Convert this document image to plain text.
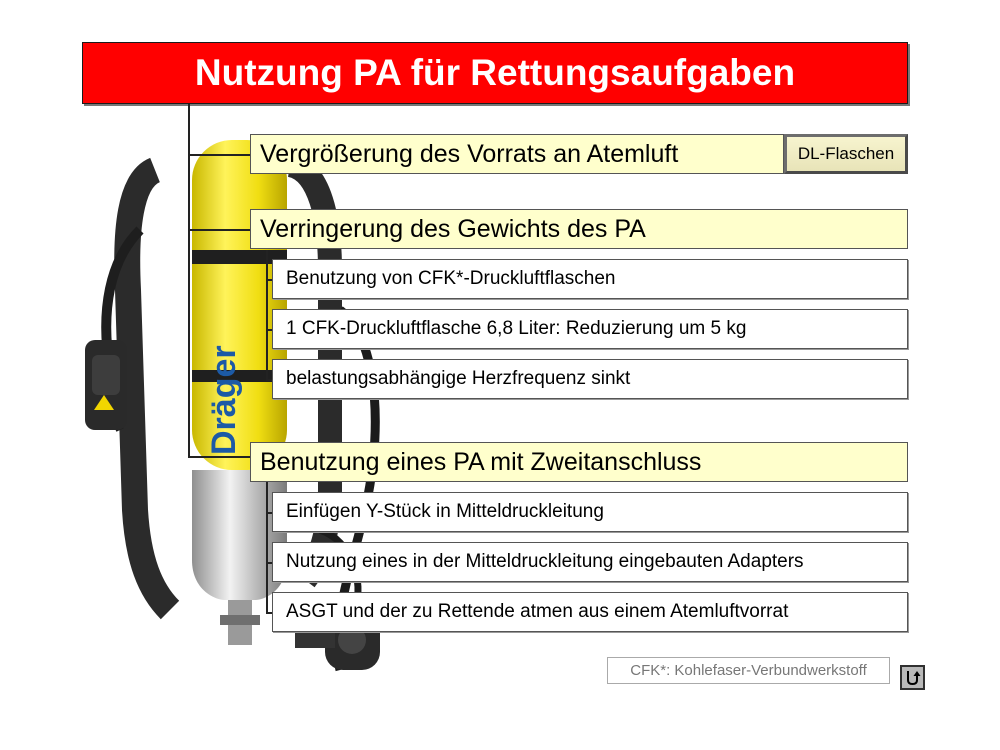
Nutzung PA für Rettungsaufgaben
Dräger
Vergrößerung des Vorrats an Atemluft	DL-Flaschen
Verringerung des Gewichts des PA
Benutzung von CFK*-Druckluftflaschen
1 CFK-Druckluftflasche 6,8 Liter: Reduzierung um 5 kg
belastungsabhängige Herzfrequenz sinkt
Benutzung eines PA mit Zweitanschluss
Einfügen Y-Stück in Mitteldruckleitung
Nutzung eines in der Mitteldruckleitung eingebauten Adapters
ASGT und der zu Rettende atmen aus einem Atemluftvorrat
CFK*: Kohlefaser-Verbundwerkstoff
